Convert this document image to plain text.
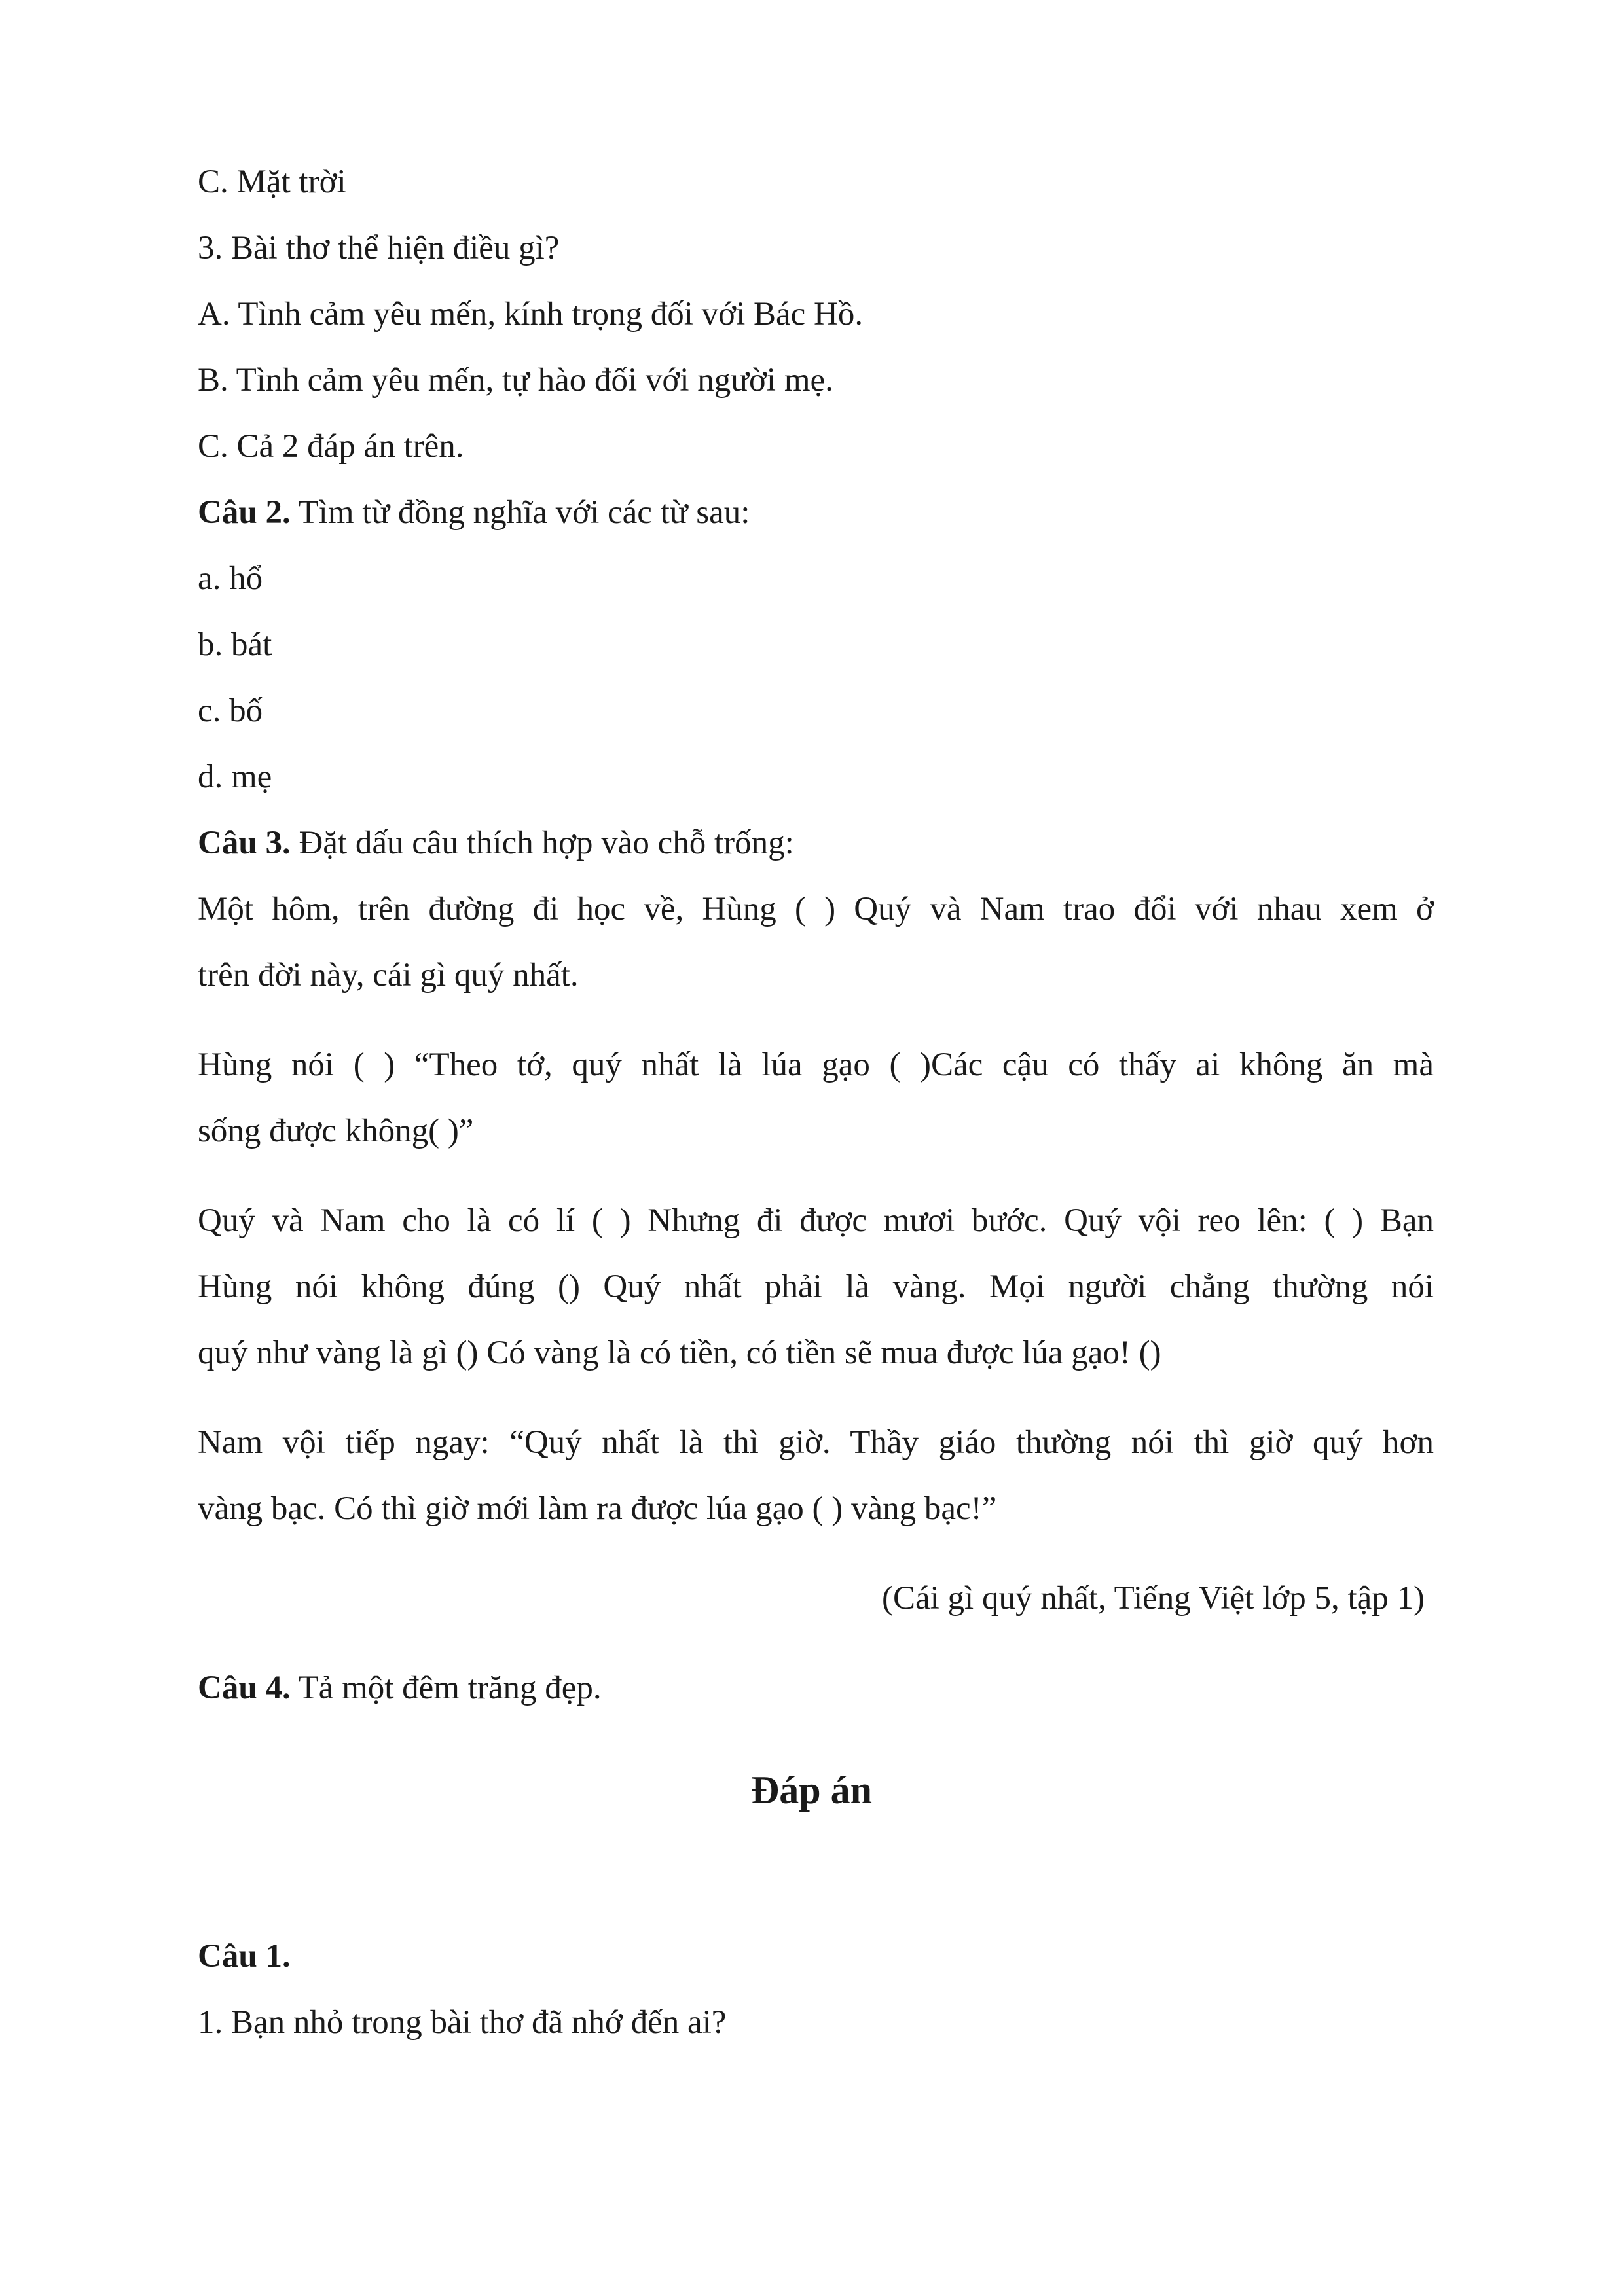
C. Mặt trời
3. Bài thơ thể hiện điều gì?
A. Tình cảm yêu mến, kính trọng đối với Bác Hồ.
B. Tình cảm yêu mến, tự hào đối với người mẹ.
C. Cả 2 đáp án trên.
Câu 2. Tìm từ đồng nghĩa với các từ sau:
a. hổ
b. bát
c. bố
d. mẹ
Câu 3. Đặt dấu câu thích hợp vào chỗ trống:
Một hôm, trên đường đi học về, Hùng ( ) Quý và Nam trao đổi với nhau xem ở
trên đời này, cái gì quý nhất.
Hùng nói ( ) “Theo tớ, quý nhất là lúa gạo ( )Các cậu có thấy ai không ăn mà
sống được không( )”
Quý và Nam cho là có lí ( ) Nhưng đi được mươi bước. Quý vội reo lên: ( ) Bạn
Hùng nói không đúng () Quý nhất phải là vàng. Mọi người chẳng thường nói
quý như vàng là gì () Có vàng là có tiền, có tiền sẽ mua được lúa gạo! ()
Nam vội tiếp ngay: “Quý nhất là thì giờ. Thầy giáo thường nói thì giờ quý hơn
vàng bạc. Có thì giờ mới làm ra được lúa gạo ( ) vàng bạc!”
(Cái gì quý nhất, Tiếng Việt lớp 5, tập 1)
Câu 4. Tả một đêm trăng đẹp.
Đáp án
Câu 1.
1. Bạn nhỏ trong bài thơ đã nhớ đến ai?
